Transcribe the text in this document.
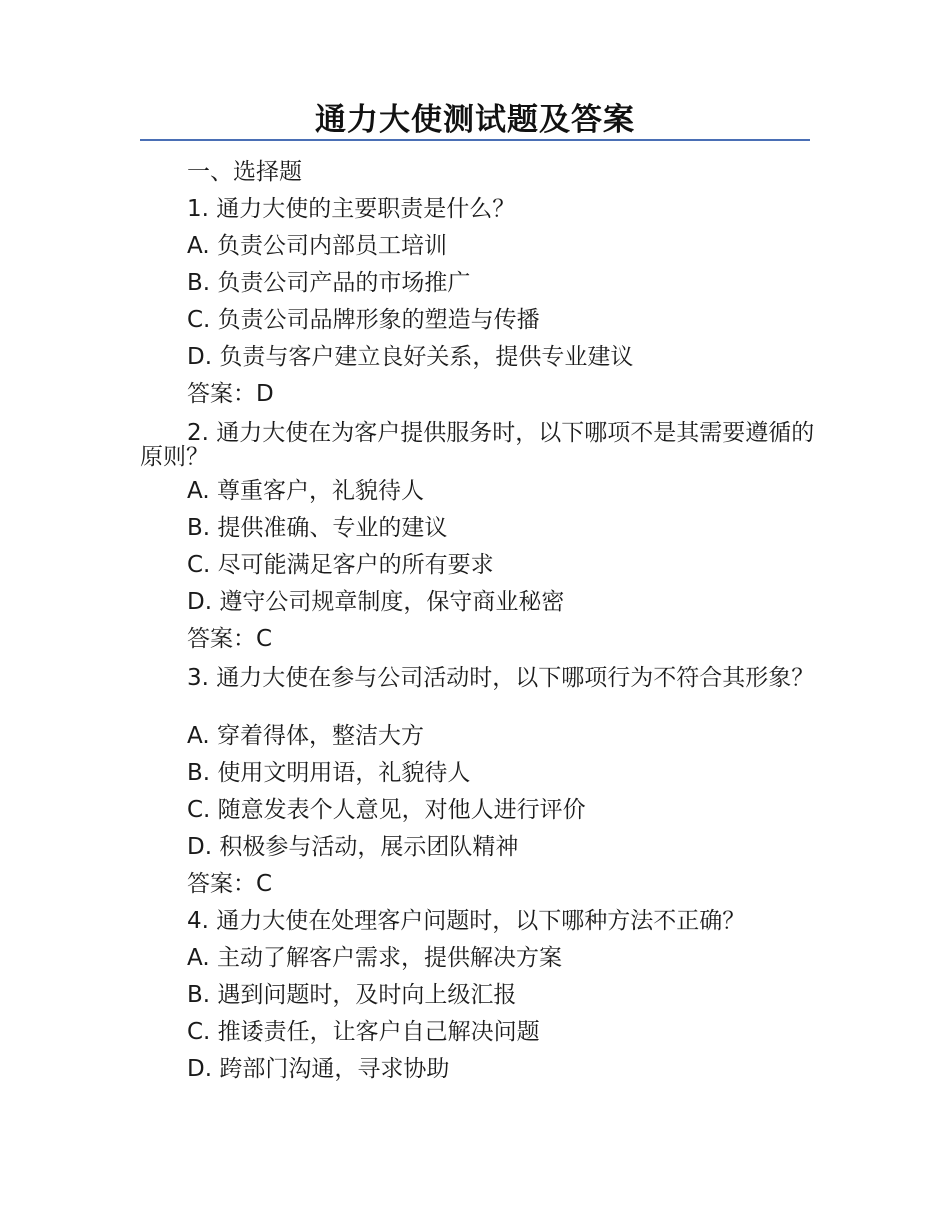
通力大使测试题及答案
一、选择题
1. 通力大使的主要职责是什么？
A. 负责公司内部员工培训
B. 负责公司产品的市场推广
C. 负责公司品牌形象的塑造与传播
D. 负责与客户建立良好关系，提供专业建议
答案：D
2. 通力大使在为客户提供服务时，以下哪项不是其需要遵循的原则？
A. 尊重客户，礼貌待人
B. 提供准确、专业的建议
C. 尽可能满足客户的所有要求
D. 遵守公司规章制度，保守商业秘密
答案：C
3. 通力大使在参与公司活动时，以下哪项行为不符合其形象？
A. 穿着得体，整洁大方
B. 使用文明用语，礼貌待人
C. 随意发表个人意见，对他人进行评价
D. 积极参与活动，展示团队精神
答案：C
4. 通力大使在处理客户问题时，以下哪种方法不正确？
A. 主动了解客户需求，提供解决方案
B. 遇到问题时，及时向上级汇报
C. 推诿责任，让客户自己解决问题
D. 跨部门沟通，寻求协助
